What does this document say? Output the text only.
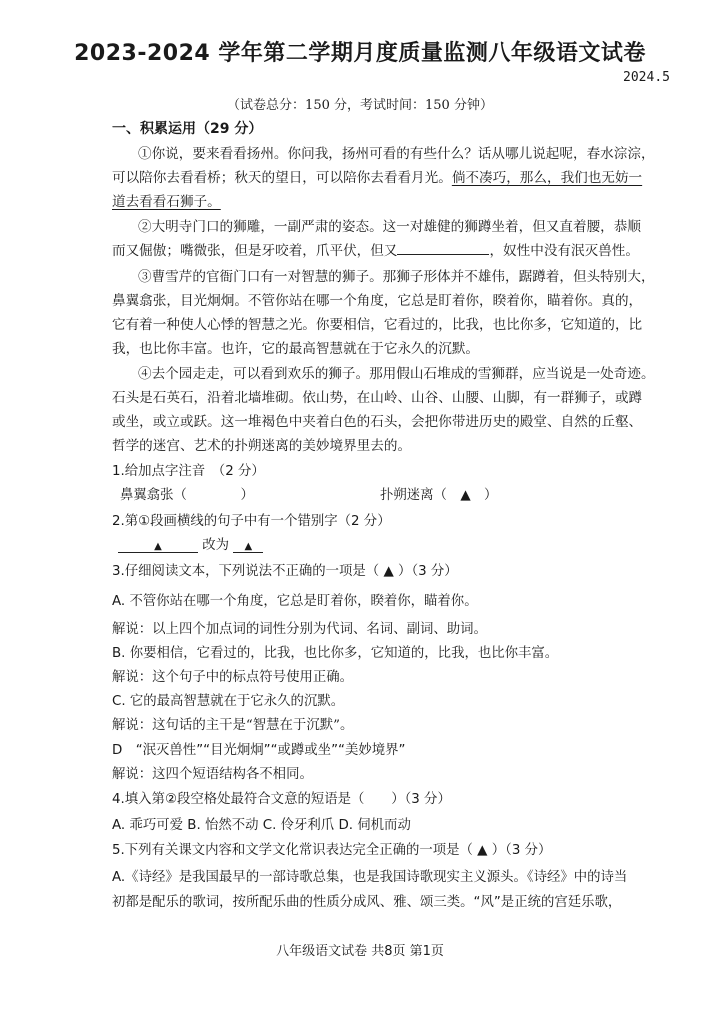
2023-2024 学年第二学期月度质量监测八年级语文试卷
2024.5
（试卷总分：150 分，考试时间：150 分钟）
一、积累运用（29 分）
①你说，要来看看扬州。你问我，扬州可看的有些什么？话从哪儿说起呢，春水淙淙，
可以陪你去看看桥；秋天的望日，可以陪你去看看月光。倘不凑巧，那么，我们也无妨一
道去看看石狮子。
②大明寺门口的狮雕，一副严肃的姿态。这一对雄健的狮蹲坐着，但又直着腰，恭顺
而又倔傲；嘴微张，但是牙咬着，爪平伏，但又	，奴性中没有泯灭兽性。
③曹雪芹的官衙门口有一对智慧的狮子。那狮子形体并不雄伟，踞蹲着，但头特别大，
鼻翼翕张，目光炯炯。不管你站在哪一个角度，它总是盯着你，睽着你，瞄着你。真的，
它有着一种使人心悸的智慧之光。你要相信，它看过的，比我，也比你多，它知道的，比
我，也比你丰富。也许，它的最高智慧就在于它永久的沉默。
④去个园走走，可以看到欢乐的狮子。那用假山石堆成的雪狮群，应当说是一处奇迹。
石头是石英石，沿着北墙堆砌。依山势，在山岭、山谷、山腰、山脚，有一群狮子，或蹲
或坐，或立或跃。这一堆褐色中夹着白色的石头，会把你带进历史的殿堂、自然的丘壑、
哲学的迷宫、艺术的扑朔迷离的美妙境界里去的。
1.给加点字注音　（2 分）
鼻翼翕张（　　　　）	扑朔迷离（　▲　）
2.第①段画横线的句子中有一个错别字（2 分）
▲	改为 ▲
3.仔细阅读文本，下列说法不正确的一项是（ ▲ ）（3 分）
A. 不管你站在哪一个角度，它总是盯着你，睽着你，瞄着你。
解说：以上四个加点词的词性分别为代词、名词、副词、助词。
B. 你要相信，它看过的，比我，也比你多，它知道的，比我，也比你丰富。
解说：这个句子中的标点符号使用正确。
C. 它的最高智慧就在于它永久的沉默。
解说：这句话的主干是“智慧在于沉默”。
D　“泯灭兽性”“目光炯炯”“或蹲或坐”“美妙境界”
解说：这四个短语结构各不相同。
4.填入第②段空格处最符合文意的短语是（　　）（3 分）
A. 乖巧可爱 B. 怡然不动 C. 伶牙利爪 D. 伺机而动
5.下列有关课文内容和文学文化常识表达完全正确的一项是（ ▲ ）（3 分）
A.《诗经》是我国最早的一部诗歌总集，也是我国诗歌现实主义源头。《诗经》中的诗当
初都是配乐的歌词，按所配乐曲的性质分成风、雅、颂三类。“风”是正统的宫廷乐歌，
八年级语文试卷 共8页 第1页
